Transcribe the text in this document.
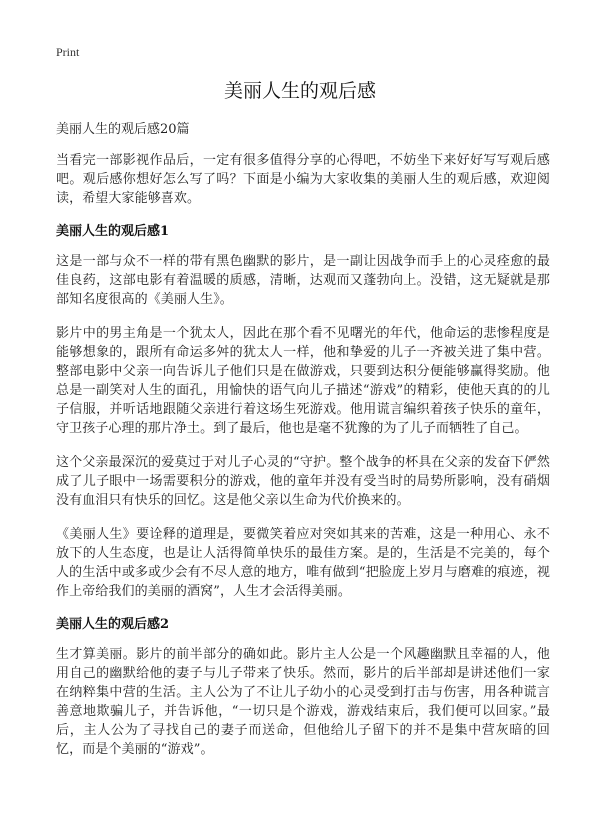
Print
美丽人生的观后感
美丽人生的观后感20篇

当看完一部影视作品后，一定有很多值得分享的心得吧，不妨坐下来好好写写观后感吧。观后感你想好怎么写了吗？下面是小编为大家收集的美丽人生的观后感，欢迎阅读，希望大家能够喜欢。

美丽人生的观后感1

这是一部与众不一样的带有黑色幽默的影片，是一副让因战争而手上的心灵痊愈的最佳良药，这部电影有着温暖的质感，清晰，达观而又蓬勃向上。没错，这无疑就是那部知名度很高的《美丽人生》。

影片中的男主角是一个犹太人，因此在那个看不见曙光的年代，他命运的悲惨程度是能够想象的，跟所有命运多舛的犹太人一样，他和挚爱的儿子一齐被关进了集中营。整部电影中父亲一向告诉儿子他们只是在做游戏，只要到达积分便能够赢得奖励。他总是一副笑对人生的面孔，用愉快的语气向儿子描述“游戏”的精彩，使他天真的的儿子信服，并听话地跟随父亲进行着这场生死游戏。他用谎言编织着孩子快乐的童年，守卫孩子心理的那片净土。到了最后，他也是毫不犹豫的为了儿子而牺牲了自己。

这个父亲最深沉的爱莫过于对儿子心灵的“守护。整个战争的杯具在父亲的发奋下俨然成了儿子眼中一场需要积分的游戏，他的童年并没有受当时的局势所影响，没有硝烟没有血泪只有快乐的回忆。这是他父亲以生命为代价换来的。

《美丽人生》要诠释的道理是，要微笑着应对突如其来的苦难，这是一种用心、永不放下的人生态度，也是让人活得简单快乐的最佳方案。是的，生活是不完美的，每个人的生活中或多或少会有不尽人意的地方，唯有做到“把脸庞上岁月与磨难的痕迹，视作上帝给我们的美丽的酒窝”，人生才会活得美丽。

美丽人生的观后感2

生才算美丽。影片的前半部分的确如此。影片主人公是一个风趣幽默且幸福的人，他用自己的幽默给他的妻子与儿子带来了快乐。然而，影片的后半部却是讲述他们一家在纳粹集中营的生活。主人公为了不让儿子幼小的心灵受到打击与伤害，用各种谎言善意地欺骗儿子，并告诉他，“一切只是个游戏，游戏结束后，我们便可以回家。”最后，主人公为了寻找自己的妻子而送命，但他给儿子留下的并不是集中营灰暗的回忆，而是个美丽的“游戏”。
